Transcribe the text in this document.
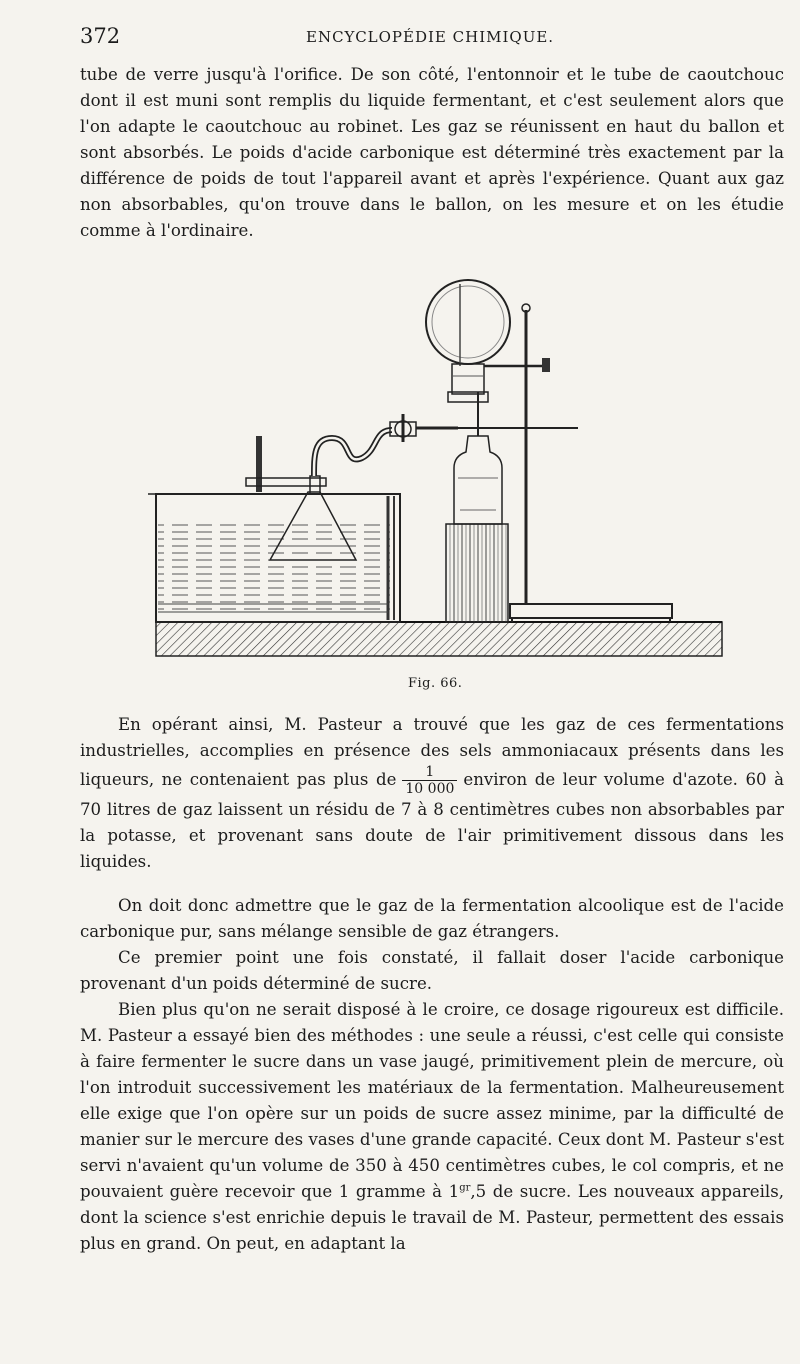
372	ENCYCLOPÉDIE CHIMIQUE.

tube de verre jusqu'à l'orifice. De son côté, l'entonnoir et le tube de caoutchouc dont il est muni sont remplis du liquide fermentant, et c'est seulement alors que l'on adapte le caoutchouc au robinet. Les gaz se réunissent en haut du ballon et sont absorbés. Le poids d'acide carbonique est déterminé très exactement par la différence de poids de tout l'appareil avant et après l'expérience. Quant aux gaz non absorbables, qu'on trouve dans le ballon, on les mesure et on les étudie comme à l'ordinaire.

Fig. 66.

En opérant ainsi, M. Pasteur a trouvé que les gaz de ces fermentations industrielles, accomplies en présence des sels ammoniacaux présents dans les liqueurs, ne contenaient pas plus de $\frac{1}{10 000}$ environ de leur volume d'azote. 60 à 70 litres de gaz laissent un résidu de 7 à 8 centimètres cubes non absorbables par la potasse, et provenant sans doute de l'air primitivement dissous dans les liquides.

On doit donc admettre que le gaz de la fermentation alcoolique est de l'acide carbonique pur, sans mélange sensible de gaz étrangers.

Ce premier point une fois constaté, il fallait doser l'acide carbonique provenant d'un poids déterminé de sucre.

Bien plus qu'on ne serait disposé à le croire, ce dosage rigoureux est difficile. M. Pasteur a essayé bien des méthodes : une seule a réussi, c'est celle qui consiste à faire fermenter le sucre dans un vase jaugé, primitivement plein de mercure, où l'on introduit successivement les matériaux de la fermentation. Malheureusement elle exige que l'on opère sur un poids de sucre assez minime, par la difficulté de manier sur le mercure des vases d'une grande capacité. Ceux dont M. Pasteur s'est servi n'avaient qu'un volume de 350 à 450 centimètres cubes, le col compris, et ne pouvaient guère recevoir que 1 gramme à $1^{gr},5$ de sucre. Les nouveaux appareils, dont la science s'est enrichie depuis le travail de M. Pasteur, permettent des essais plus en grand. On peut, en adaptant la
